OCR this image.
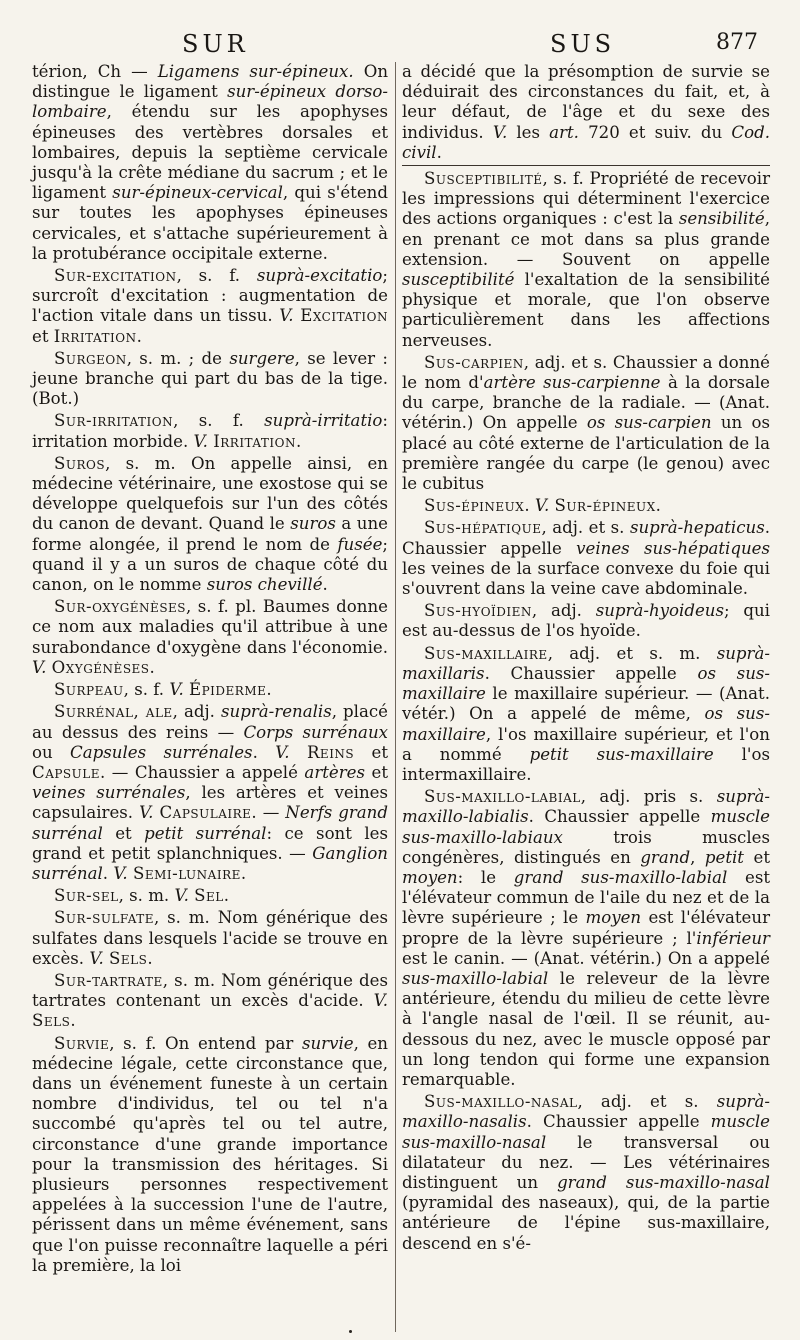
SUR	SUS	877

térion, Ch — Ligamens sur-épineux. On distingue le ligament sur-épineux dorso-lombaire, étendu sur les apophyses épineuses des vertèbres dorsales et lombaires, depuis la septième cervicale jusqu'à la crête médiane du sacrum ; et le ligament sur-épineux-cervical, qui s'étend sur toutes les apophyses épineuses cervicales, et s'attache supérieurement à la protubérance occipitale externe.

Sur-excitation, s. f. suprà-excitatio; surcroît d'excitation : augmentation de l'action vitale dans un tissu. V. Excitation et Irritation.

Surgeon, s. m. ; de surgere, se lever : jeune branche qui part du bas de la tige. (Bot.)

Sur-irritation, s. f. suprà-irritatio: irritation morbide. V. Irritation.

Suros, s. m. On appelle ainsi, en médecine vétérinaire, une exostose qui se développe quelquefois sur l'un des côtés du canon de devant. Quand le suros a une forme alongée, il prend le nom de fusée; quand il y a un suros de chaque côté du canon, on le nomme suros chevillé.

Sur-oxygénèses, s. f. pl. Baumes donne ce nom aux maladies qu'il attribue à une surabondance d'oxygène dans l'économie. V. Oxygénèses.

Surpeau, s. f. V. Épiderme.

Surrénal, ale, adj. suprà-renalis, placé au dessus des reins — Corps surrénaux ou Capsules surrénales. V. Reins et Capsule. — Chaussier a appelé artères et veines surrénales, les artères et veines capsulaires. V. Capsulaire. — Nerfs grand surrénal et petit surrénal: ce sont les grand et petit splanchniques. — Ganglion surrénal. V. Semi-lunaire.

Sur-sel, s. m. V. Sel.

Sur-sulfate, s. m. Nom générique des sulfates dans lesquels l'acide se trouve en excès. V. Sels.

Sur-tartrate, s. m. Nom générique des tartrates contenant un excès d'acide. V. Sels.

Survie, s. f. On entend par survie, en médecine légale, cette circonstance que, dans un événement funeste à un certain nombre d'individus, tel ou tel n'a succombé qu'après tel ou tel autre, circonstance d'une grande importance pour la transmission des héritages. Si plusieurs personnes respectivement appelées à la succession l'une de l'autre, périssent dans un même événement, sans que l'on puisse reconnaître laquelle a péri la première, la loi

a décidé que la présomption de survie se déduirait des circonstances du fait, et, à leur défaut, de l'âge et du sexe des individus. V. les art. 720 et suiv. du Cod. civil.

Susceptibilité, s. f. Propriété de recevoir les impressions qui déterminent l'exercice des actions organiques : c'est la sensibilité, en prenant ce mot dans sa plus grande extension. — Souvent on appelle susceptibilité l'exaltation de la sensibilité physique et morale, que l'on observe particulièrement dans les affections nerveuses.

Sus-carpien, adj. et s. Chaussier a donné le nom d'artère sus-carpienne à la dorsale du carpe, branche de la radiale. — (Anat. vétérin.) On appelle os sus-carpien un os placé au côté externe de l'articulation de la première rangée du carpe (le genou) avec le cubitus

Sus-épineux. V. Sur-épineux.

Sus-hépatique, adj. et s. suprà-hepaticus. Chaussier appelle veines sus-hépatiques les veines de la surface convexe du foie qui s'ouvrent dans la veine cave abdominale.

Sus-hyoïdien, adj. suprà-hyoideus; qui est au-dessus de l'os hyoïde.

Sus-maxillaire, adj. et s. m. suprà-maxillaris. Chaussier appelle os sus-maxillaire le maxillaire supérieur. — (Anat. vétér.) On a appelé de même, os sus-maxillaire, l'os maxillaire supérieur, et l'on a nommé petit sus-maxillaire l'os intermaxillaire.

Sus-maxillo-labial, adj. pris s. suprà-maxillo-labialis. Chaussier appelle muscle sus-maxillo-labiaux trois muscles congénères, distingués en grand, petit et moyen: le grand sus-maxillo-labial est l'élévateur commun de l'aile du nez et de la lèvre supérieure ; le moyen est l'élévateur propre de la lèvre supérieure ; l'inférieur est le canin. — (Anat. vétérin.) On a appelé sus-maxillo-labial le releveur de la lèvre antérieure, étendu du milieu de cette lèvre à l'angle nasal de l'œil. Il se réunit, au-dessous du nez, avec le muscle opposé par un long tendon qui forme une expansion remarquable.

Sus-maxillo-nasal, adj. et s. suprà-maxillo-nasalis. Chaussier appelle muscle sus-maxillo-nasal le transversal ou dilatateur du nez. — Les vétérinaires distinguent un grand sus-maxillo-nasal (pyramidal des naseaux), qui, de la partie antérieure de l'épine sus-maxillaire, descend en s'é-
